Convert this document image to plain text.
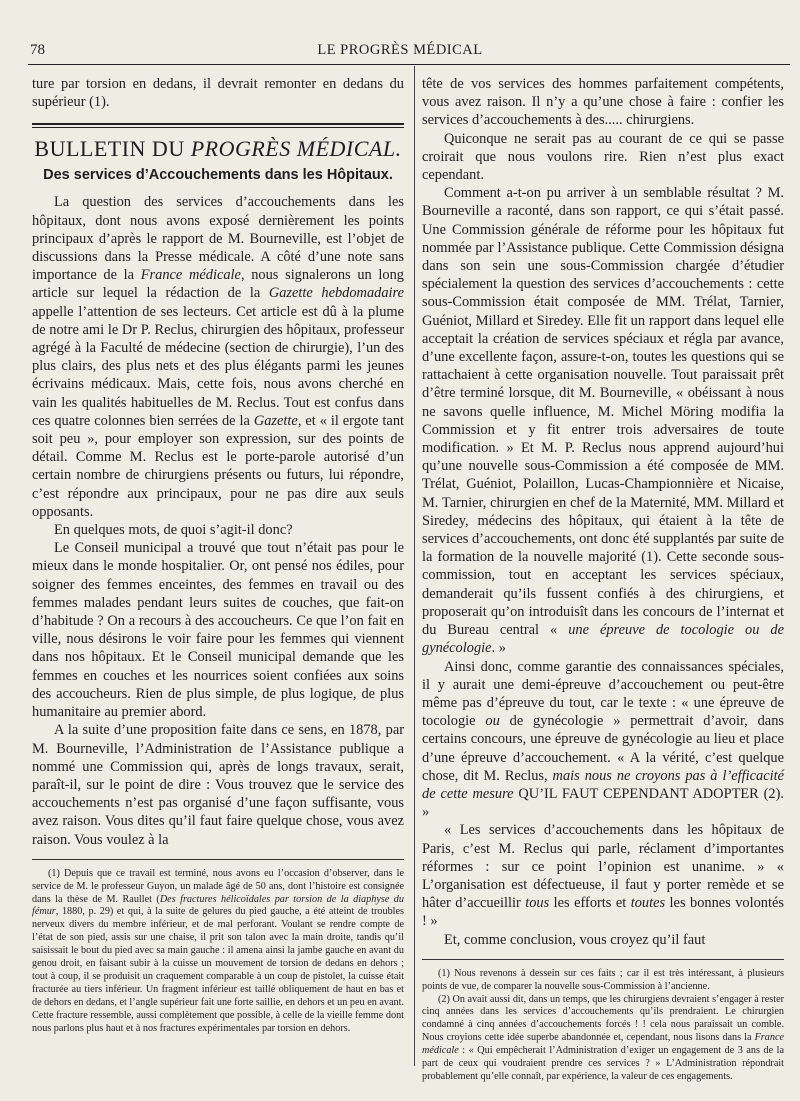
78	LE PROGRÈS MÉDICAL

ture par torsion en dedans, il devrait remonter en dedans du supérieur (1).

BULLETIN DU PROGRÈS MÉDICAL.
Des services d’Accouchements dans les Hôpitaux.

La question des services d’accouchements dans les hôpitaux, dont nous avons exposé dernièrement les points principaux d’après le rapport de M. Bourneville, est l’objet de discussions dans la Presse médicale. A côté d’une note sans importance de la France médicale, nous signalerons un long article sur lequel la rédaction de la Gazette hebdomadaire appelle l’attention de ses lecteurs. Cet article est dû à la plume de notre ami le Dr P. Reclus, chirurgien des hôpitaux, professeur agrégé à la Faculté de médecine (section de chirurgie), l’un des plus clairs, des plus nets et des plus élégants parmi les jeunes écrivains médicaux. Mais, cette fois, nous avons cherché en vain les qualités habituelles de M. Reclus. Tout est confus dans ces quatre colonnes bien serrées de la Gazette, et « il ergote tant soit peu », pour employer son expression, sur des points de détail. Comme M. Reclus est le porte-parole autorisé d’un certain nombre de chirurgiens présents ou futurs, lui répondre, c’est répondre aux principaux, pour ne pas dire aux seuls opposants.

En quelques mots, de quoi s’agit-il donc?

Le Conseil municipal a trouvé que tout n’était pas pour le mieux dans le monde hospitalier. Or, ont pensé nos édiles, pour soigner des femmes enceintes, des femmes en travail ou des femmes malades pendant leurs suites de couches, que fait-on d’habitude ? On a recours à des accoucheurs. Ce que l’on fait en ville, nous désirons le voir faire pour les femmes qui viennent dans nos hôpitaux. Et le Conseil municipal demande que les femmes en couches et les nourrices soient confiées aux soins des accoucheurs. Rien de plus simple, de plus logique, de plus humanitaire au premier abord.

A la suite d’une proposition faite dans ce sens, en 1878, par M. Bourneville, l’Administration de l’Assistance publique a nommé une Commission qui, après de longs travaux, serait, paraît-il, sur le point de dire : Vous trouvez que le service des accouchements n’est pas organisé d’une façon suffisante, vous avez raison. Vous dites qu’il faut faire quelque chose, vous avez raison. Vous voulez à la

(1) Depuis que ce travail est terminé, nous avons eu l’occasion d’observer, dans le service de M. le professeur Guyon, un malade âgé de 50 ans, dont l’histoire est consignée dans la thèse de M. Raullet (Des fractures hélicoïdales par torsion de la diaphyse du fémur, 1880, p. 29) et qui, à la suite de gelures du pied gauche, a été atteint de troubles nerveux divers du membre inférieur, et de mal perforant. Voulant se rendre compte de l’état de son pied, assis sur une chaise, il prit son talon avec la main droite, tandis qu’il saisissait le bout du pied avec sa main gauche : il amena ainsi la jambe gauche en avant du genou droit, en faisant subir à la cuisse un mouvement de torsion de dedans en dehors ; tout à coup, il se produisit un craquement comparable à un coup de pistolet, la cuisse était fracturée au tiers inférieur. Un fragment inférieur est taillé obliquement de haut en bas et de dehors en dedans, et l’angle supérieur fait une forte saillie, en dehors et un peu en avant. Cette fracture ressemble, aussi complètement que possible, à celle de la vieille femme dont nous parlons plus haut et à nos fractures expérimentales par torsion en dehors.

tête de vos services des hommes parfaitement compétents, vous avez raison. Il n’y a qu’une chose à faire : confier les services d’accouchements à des..... chirurgiens.

Quiconque ne serait pas au courant de ce qui se passe croirait que nous voulons rire. Rien n’est plus exact cependant.

Comment a-t-on pu arriver à un semblable résultat ? M. Bourneville a raconté, dans son rapport, ce qui s’était passé. Une Commission générale de réforme pour les hôpitaux fut nommée par l’Assistance publique. Cette Commission désigna dans son sein une sous-Commission chargée d’étudier spécialement la question des services d’accouchements : cette sous-Commission était composée de MM. Trélat, Tarnier, Guéniot, Millard et Siredey. Elle fit un rapport dans lequel elle acceptait la création de services spéciaux et régla par avance, d’une excellente façon, assure-t-on, toutes les questions qui se rattachaient à cette organisation nouvelle. Tout paraissait prêt d’être terminé lorsque, dit M. Bourneville, « obéissant à nous ne savons quelle influence, M. Michel Möring modifia la Commission et y fit entrer trois adversaires de toute modification. » Et M. P. Reclus nous apprend aujourd’hui qu’une nouvelle sous-Commission a été composée de MM. Trélat, Guéniot, Polaillon, Lucas-Championnière et Nicaise, M. Tarnier, chirurgien en chef de la Maternité, MM. Millard et Siredey, médecins des hôpitaux, qui étaient à la tête de services d’accouchements, ont donc été supplantés par suite de la formation de la nouvelle majorité (1). Cette seconde sous-commission, tout en acceptant les services spéciaux, demanderait qu’ils fussent confiés à des chirurgiens, et proposerait qu’on introduisît dans les concours de l’internat et du Bureau central « une épreuve de tocologie ou de gynécologie. »

Ainsi donc, comme garantie des connaissances spéciales, il y aurait une demi-épreuve d’accouchement ou peut-être même pas d’épreuve du tout, car le texte : « une épreuve de tocologie ou de gynécologie » permettrait d’avoir, dans certains concours, une épreuve de gynécologie au lieu et place d’une épreuve d’accouchement. « A la vérité, c’est quelque chose, dit M. Reclus, mais nous ne croyons pas à l’efficacité de cette mesure QU’IL FAUT CEPENDANT ADOPTER (2). »

« Les services d’accouchements dans les hôpitaux de Paris, c’est M. Reclus qui parle, réclament d’importantes réformes : sur ce point l’opinion est unanime. » « L’organisation est défectueuse, il faut y porter remède et se hâter d’accueillir tous les efforts et toutes les bonnes volontés ! »

Et, comme conclusion, vous croyez qu’il faut

(1) Nous revenons à dessein sur ces faits ; car il est très intéressant, à plusieurs points de vue, de comparer la nouvelle sous-Commission à l’ancienne.

(2) On avait aussi dit, dans un temps, que les chirurgiens devraient s’engager à rester cinq années dans les services d’accouchements qu’ils prendraient. Le chirurgien condamné à cinq années d’accouchements forcés ! ! cela nous paraissait un comble. Nous croyions cette idée superbe abandonnée et, cependant, nous lisons dans la France médicale : « Qui empêcherait l’Administration d’exiger un engagement de 3 ans de la part de ceux qui voudraient prendre ces services ? » L’Administration répondrait probablement qu’elle connaît, par expérience, la valeur de ces engagements.
